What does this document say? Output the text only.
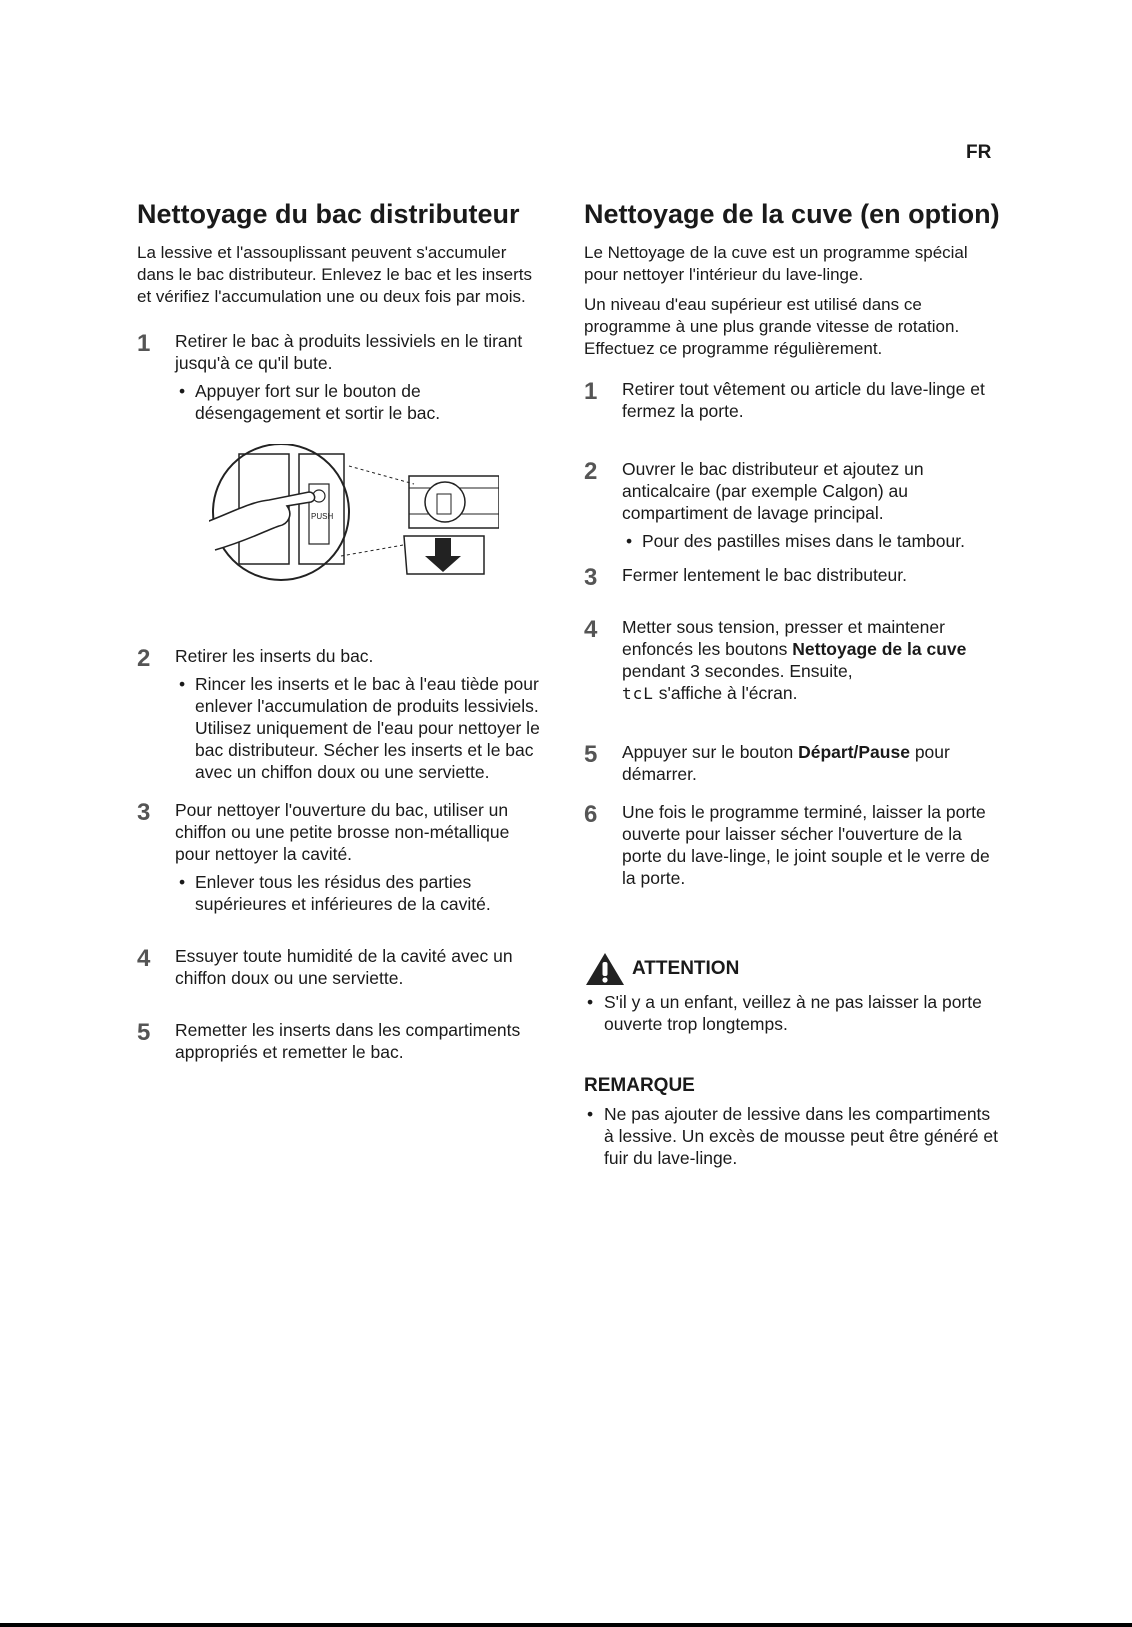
FR
Nettoyage du bac distributeur

La lessive et l'assouplissant peuvent s'accumuler dans le bac distributeur. Enlevez le bac et les inserts et vérifiez l'accumulation une ou deux fois par mois.

1 Retirer le bac à produits lessiviels en le tirant jusqu'à ce qu'il bute.

• Appuyer fort sur le bouton de désengagement et sortir le bac.
PUSH
2 Retirer les inserts du bac.

• Rincer les inserts et le bac à l'eau tiède pour enlever l'accumulation de produits lessiviels. Utilisez uniquement de l'eau pour nettoyer le bac distributeur. Sécher les inserts et le bac avec un chiffon doux ou une serviette.
3 Pour nettoyer l'ouverture du bac, utiliser un chiffon ou une petite brosse non-métallique pour nettoyer la cavité.

• Enlever tous les résidus des parties supérieures et inférieures de la cavité.
4 Essuyer toute humidité de la cavité avec un chiffon doux ou une serviette.

5 Remetter les inserts dans les compartiments appropriés et remetter le bac.

Nettoyage de la cuve (en option)

Le Nettoyage de la cuve est un programme spécial pour nettoyer l'intérieur du lave-linge.

Un niveau d'eau supérieur est utilisé dans ce programme à une plus grande vitesse de rotation. Effectuez ce programme régulièrement.

1 Retirer tout vêtement ou article du lave-linge et fermez la porte.

2 Ouvrer le bac distributeur et ajoutez un anticalcaire (par exemple Calgon) au compartiment de lavage principal.

• Pour des pastilles mises dans le tambour.
3 Fermer lentement le bac distributeur.

4 Metter sous tension, presser et maintener enfoncés les boutons Nettoyage de la cuve pendant 3 secondes. Ensuite,
tcL s'affiche à l'écran.

5 Appuyer sur le bouton Départ/Pause pour démarrer.

6 Une fois le programme terminé, laisser la porte ouverte pour laisser sécher l'ouverture de la porte du lave-linge, le joint souple et le verre de la porte.

ATTENTION
• S'il y a un enfant, veillez à ne pas laisser la porte ouverte trop longtemps.
REMARQUE
• Ne pas ajouter de lessive dans les compartiments à lessive. Un excès de mousse peut être généré et fuir du lave-linge.
